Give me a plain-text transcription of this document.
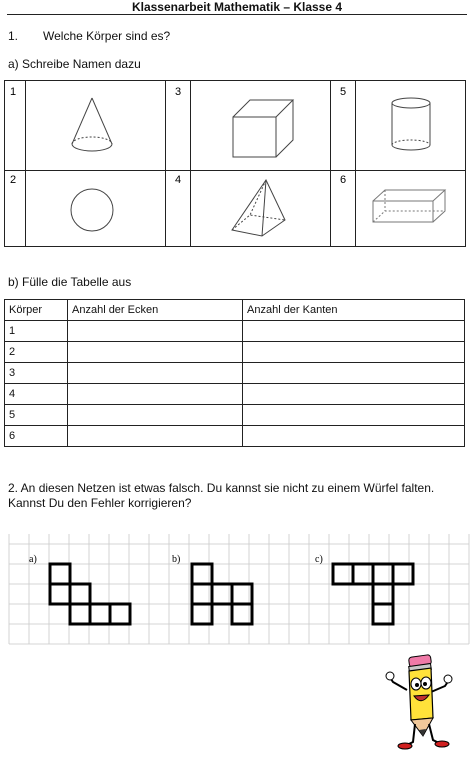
Klassenarbeit Mathematik – Klasse 4
1. Welche Körper sind es?
a) Schreibe Namen dazu
1	3	5
2	4	6
a)	b)	c)
b) Fülle die Tabelle aus
Körper	Anzahl der Ecken	Anzahl der Kanten
1		
2		
3		
4		
5		
6		
2. An diesen Netzen ist etwas falsch. Du kannst sie nicht zu einem Würfel falten. Kannst Du den Fehler korrigieren?
